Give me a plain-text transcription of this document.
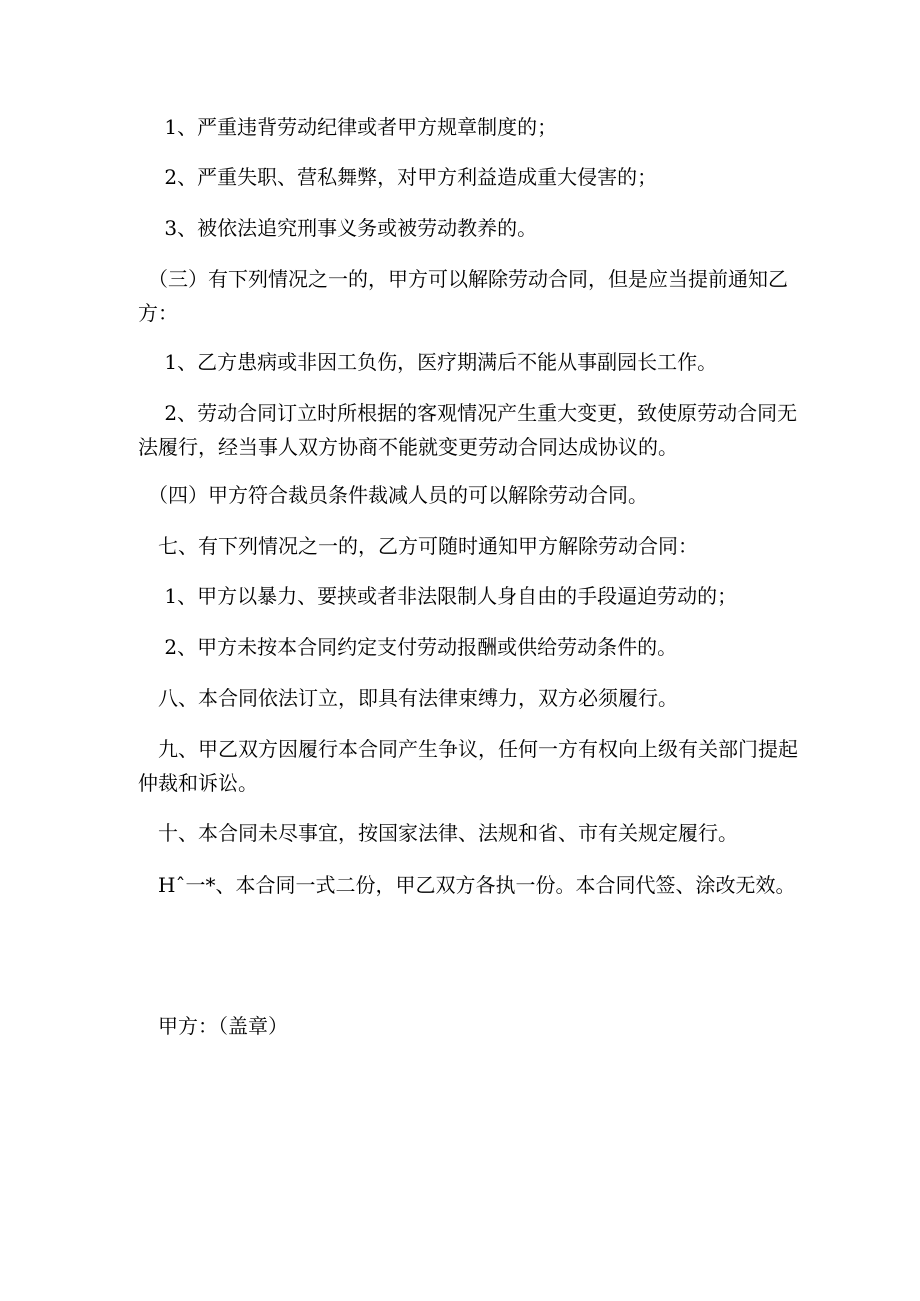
　 1、严重违背劳动纪律或者甲方规章制度的；

　 2、严重失职、营私舞弊，对甲方利益造成重大侵害的；

　 3、被依法追究刑事义务或被劳动教养的。

　（三）有下列情况之一的，甲方可以解除劳动合同，但是应当提前通知乙方：

　 1、乙方患病或非因工负伤，医疗期满后不能从事副园长工作。

　 2、劳动合同订立时所根据的客观情况产生重大变更，致使原劳动合同无法履行，经当事人双方协商不能就变更劳动合同达成协议的。

　（四）甲方符合裁员条件裁减人员的可以解除劳动合同。

　七、有下列情况之一的，乙方可随时通知甲方解除劳动合同：

　 1、甲方以暴力、要挟或者非法限制人身自由的手段逼迫劳动的；

　 2、甲方未按本合同约定支付劳动报酬或供给劳动条件的。

　八、本合同依法订立，即具有法律束缚力，双方必须履行。

　九、甲乙双方因履行本合同产生争议，任何一方有权向上级有关部门提起仲裁和诉讼。

　十、本合同未尽事宜，按国家法律、法规和省、市有关规定履行。

　Hˆ一*、本合同一式二份，甲乙双方各执一份。本合同代签、涂改无效。

　甲方：（盖章）
